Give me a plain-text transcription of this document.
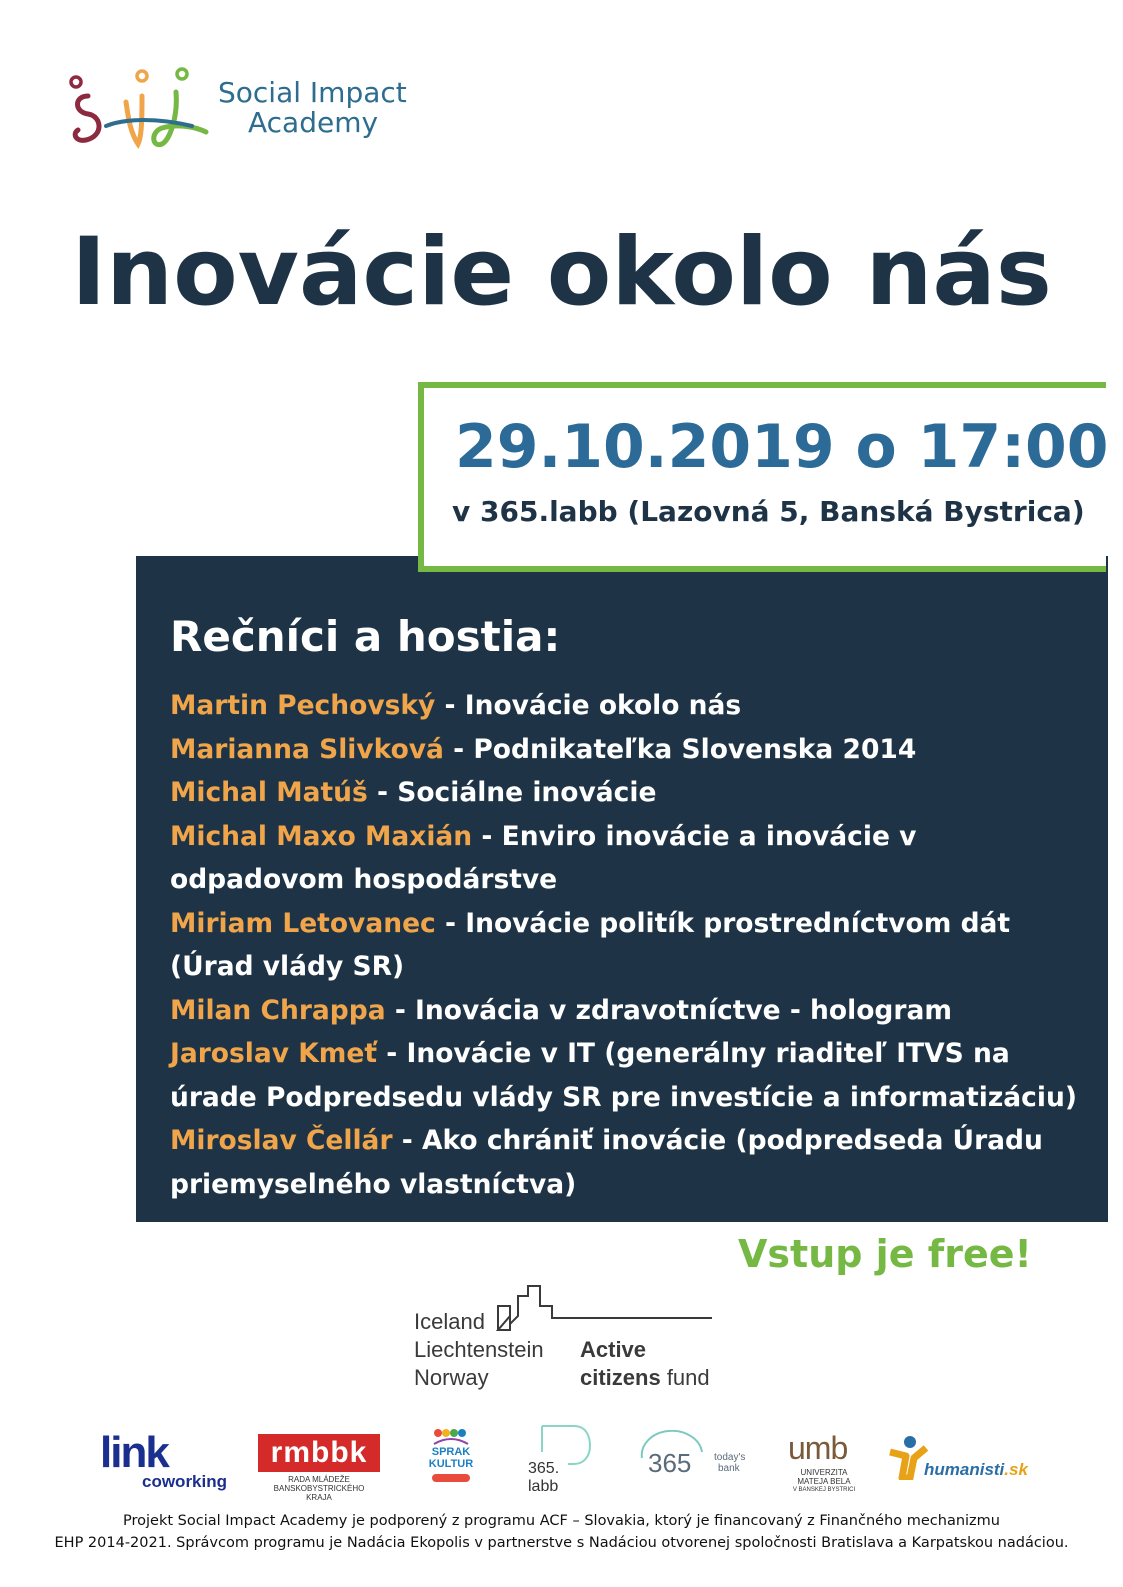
Social Impact
Academy
Inovácie okolo nás
29.10.2019 o 17:00
v 365.labb (Lazovná 5, Banská Bystrica)
Rečníci a hostia:
Martin Pechovský - Inovácie okolo nás
Marianna Slivková - Podnikateľka Slovenska 2014
Michal Matúš - Sociálne inovácie
Michal Maxo Maxián - Enviro inovácie a inovácie v odpadovom hospodárstve
Miriam Letovanec - Inovácie politík prostredníctvom dát (Úrad vlády SR)
Milan Chrappa - Inovácia v zdravotníctve - hologram
Jaroslav Kmeť - Inovácie v IT (generálny riaditeľ ITVS na úrade Podpredsedu vlády SR pre investície a informatizáciu)
Miroslav Čellár - Ako chrániť inovácie (podpredseda Úradu priemyselného vlastníctva)
Vstup je free!
Iceland
Liechtenstein
Norway
Active
citizens fund
link
coworking
rmbbk
RADA MLÁDEŽE
BANSKOBYSTRICKÉHO
KRAJA
SPRAK
KULTUR	365.
labb
365 today's
bank
umb
UNIVERZITA
MATEJA BELA
V BANSKEJ BYSTRICI
humanisti.sk
Projekt Social Impact Academy je podporený z programu ACF – Slovakia, ktorý je financovaný z Finančného mechanizmu
EHP 2014-2021. Správcom programu je Nadácia Ekopolis v partnerstve s Nadáciou otvorenej spoločnosti Bratislava a Karpatskou nadáciou.
